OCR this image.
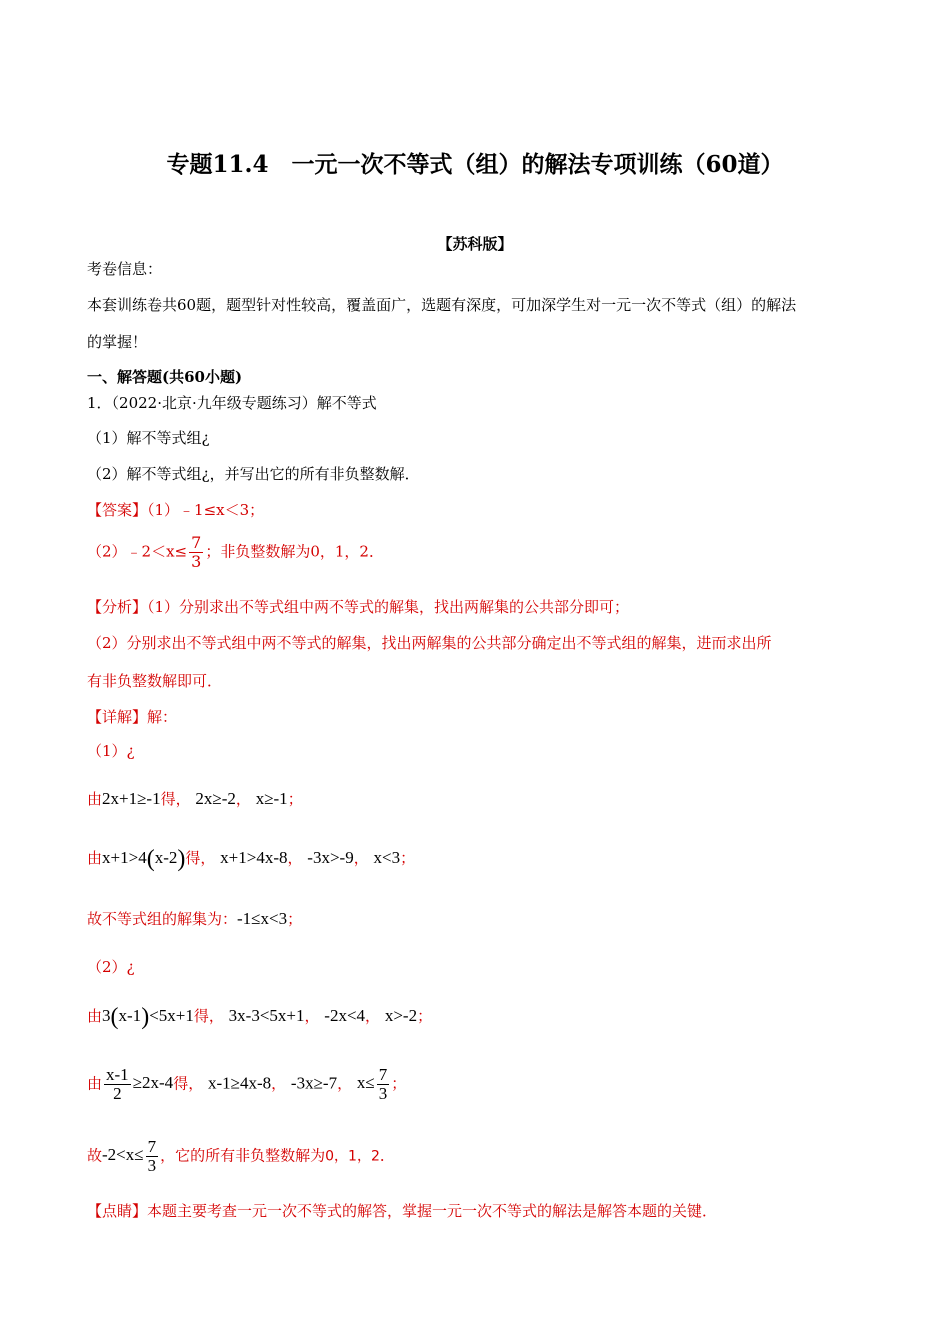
专题11.4　一元一次不等式（组）的解法专项训练（60道）
【苏科版】
考卷信息：
本套训练卷共60题，题型针对性较高，覆盖面广，选题有深度，可加深学生对一元一次不等式（组）的解法
的掌握！
一、解答题(共60小题)
1．（2022·北京·九年级专题练习）解不等式
（1）解不等式组¿
（2）解不等式组¿，并写出它的所有非负整数解．
【答案】（1）﹣1≤x＜3；
（2）﹣2＜x≤ $\frac{7}{3}$ ；非负整数解为0，1，2．
【分析】（1）分别求出不等式组中两不等式的解集，找出两解集的公共部分即可；
（2）分别求出不等式组中两不等式的解集，找出两解集的公共部分确定出不等式组的解集，进而求出所
有非负整数解即可．
【详解】解：
（1）¿
由2x+1≥-1得， 2x≥-2， x≥-1；
由x+1>4(x-2)得， x+1>4x-8， -3x>-9， x<3；
故不等式组的解集为：-1≤x<3；
（2）¿
由3(x-1)<5x+1得， 3x-3<5x+1， -2x<4， x>-2；
由 $\frac{x-1}{2} \ge 2x-4$得， x-1≥4x-8， -3x≥-7， $x\le \frac{7}{3}$ ；
故$-2<x\le \frac{7}{3}$ ，它的所有非负整数解为0，1，2．
【点睛】本题主要考查一元一次不等式的解答，掌握一元一次不等式的解法是解答本题的关键．
